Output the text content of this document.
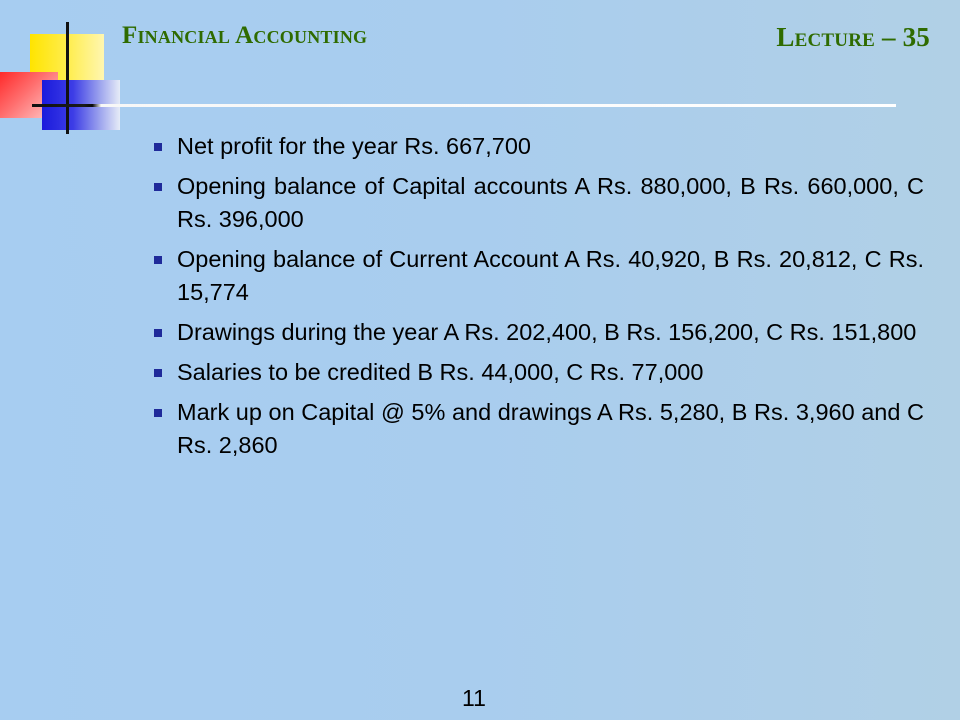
Financial Accounting	Lecture – 35
Net profit for the year Rs. 667,700
Opening balance of Capital accounts A Rs. 880,000, B Rs. 660,000, C Rs. 396,000
Opening balance of Current Account A Rs. 40,920, B Rs. 20,812, C Rs. 15,774
Drawings during the year A Rs. 202,400, B Rs. 156,200, C Rs. 151,800
Salaries to be credited B Rs. 44,000, C Rs. 77,000
Mark up on Capital @ 5% and drawings A Rs. 5,280, B Rs. 3,960 and C Rs. 2,860
11
